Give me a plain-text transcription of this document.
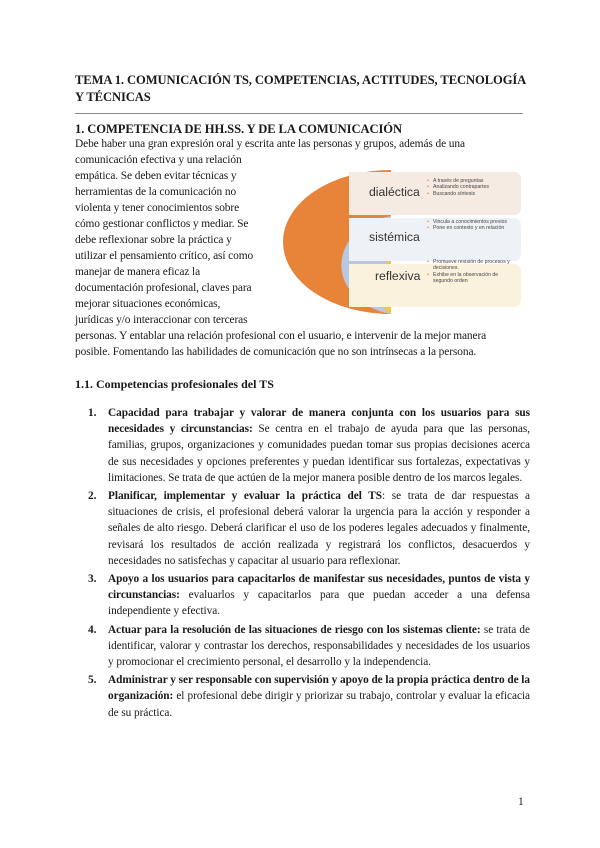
TEMA 1. COMUNICACIÓN TS, COMPETENCIAS, ACTITUDES, TECNOLOGÍA Y TÉCNICAS
1. COMPETENCIA DE HH.SS. Y DE LA COMUNICACIÓN
Debe haber una gran expresión oral y escrita ante las personas y grupos, además de una
comunicación efectiva y una relación
empática. Se deben evitar técnicas y
herramientas de la comunicación no
violenta y tener conocimientos sobre
cómo gestionar conflictos y mediar. Se
debe reflexionar sobre la práctica y
utilizar el pensamiento crítico, así como
manejar de manera eficaz la
documentación profesional, claves para
mejorar situaciones económicas,
jurídicas y/o interaccionar con terceras
personas. Y entablar una relación profesional con el usuario, e intervenir de la mejor manera
posible. Fomentando las habilidades de comunicación que no son intrínsecas a la persona.
dialéctica
sistémica
reflexiva
• A través de preguntas
• Analizando contrapartes
• Buscando síntesis
• Vincula a conocimientos previos
• Pone en contexto y en relación
• Promueve revisión de procesos y decisiones.
• Exhibe en la observación de segundo orden
1.1. Competencias profesionales del TS
1. Capacidad para trabajar y valorar de manera conjunta con los usuarios para sus necesidades y circunstancias: Se centra en el trabajo de ayuda para que las personas, familias, grupos, organizaciones y comunidades puedan tomar sus propias decisiones acerca de sus necesidades y opciones preferentes y puedan identificar sus fortalezas, expectativas y limitaciones. Se trata de que actúen de la mejor manera posible dentro de los marcos legales.
2. Planificar, implementar y evaluar la práctica del TS: se trata de dar respuestas a situaciones de crisis, el profesional deberá valorar la urgencia para la acción y responder a señales de alto riesgo. Deberá clarificar el uso de los poderes legales adecuados y finalmente, revisará los resultados de acción realizada y registrará los conflictos, desacuerdos y necesidades no satisfechas y capacitar al usuario para reflexionar.
3. Apoyo a los usuarios para capacitarlos de manifestar sus necesidades, puntos de vista y circunstancias: evaluarlos y capacitarlos para que puedan acceder a una defensa independiente y efectiva.
4. Actuar para la resolución de las situaciones de riesgo con los sistemas cliente: se trata de identificar, valorar y contrastar los derechos, responsabilidades y necesidades de los usuarios y promocionar el crecimiento personal, el desarrollo y la independencia.
5. Administrar y ser responsable con supervisión y apoyo de la propia práctica dentro de la organización: el profesional debe dirigir y priorizar su trabajo, controlar y evaluar la eficacia de su práctica.
1
